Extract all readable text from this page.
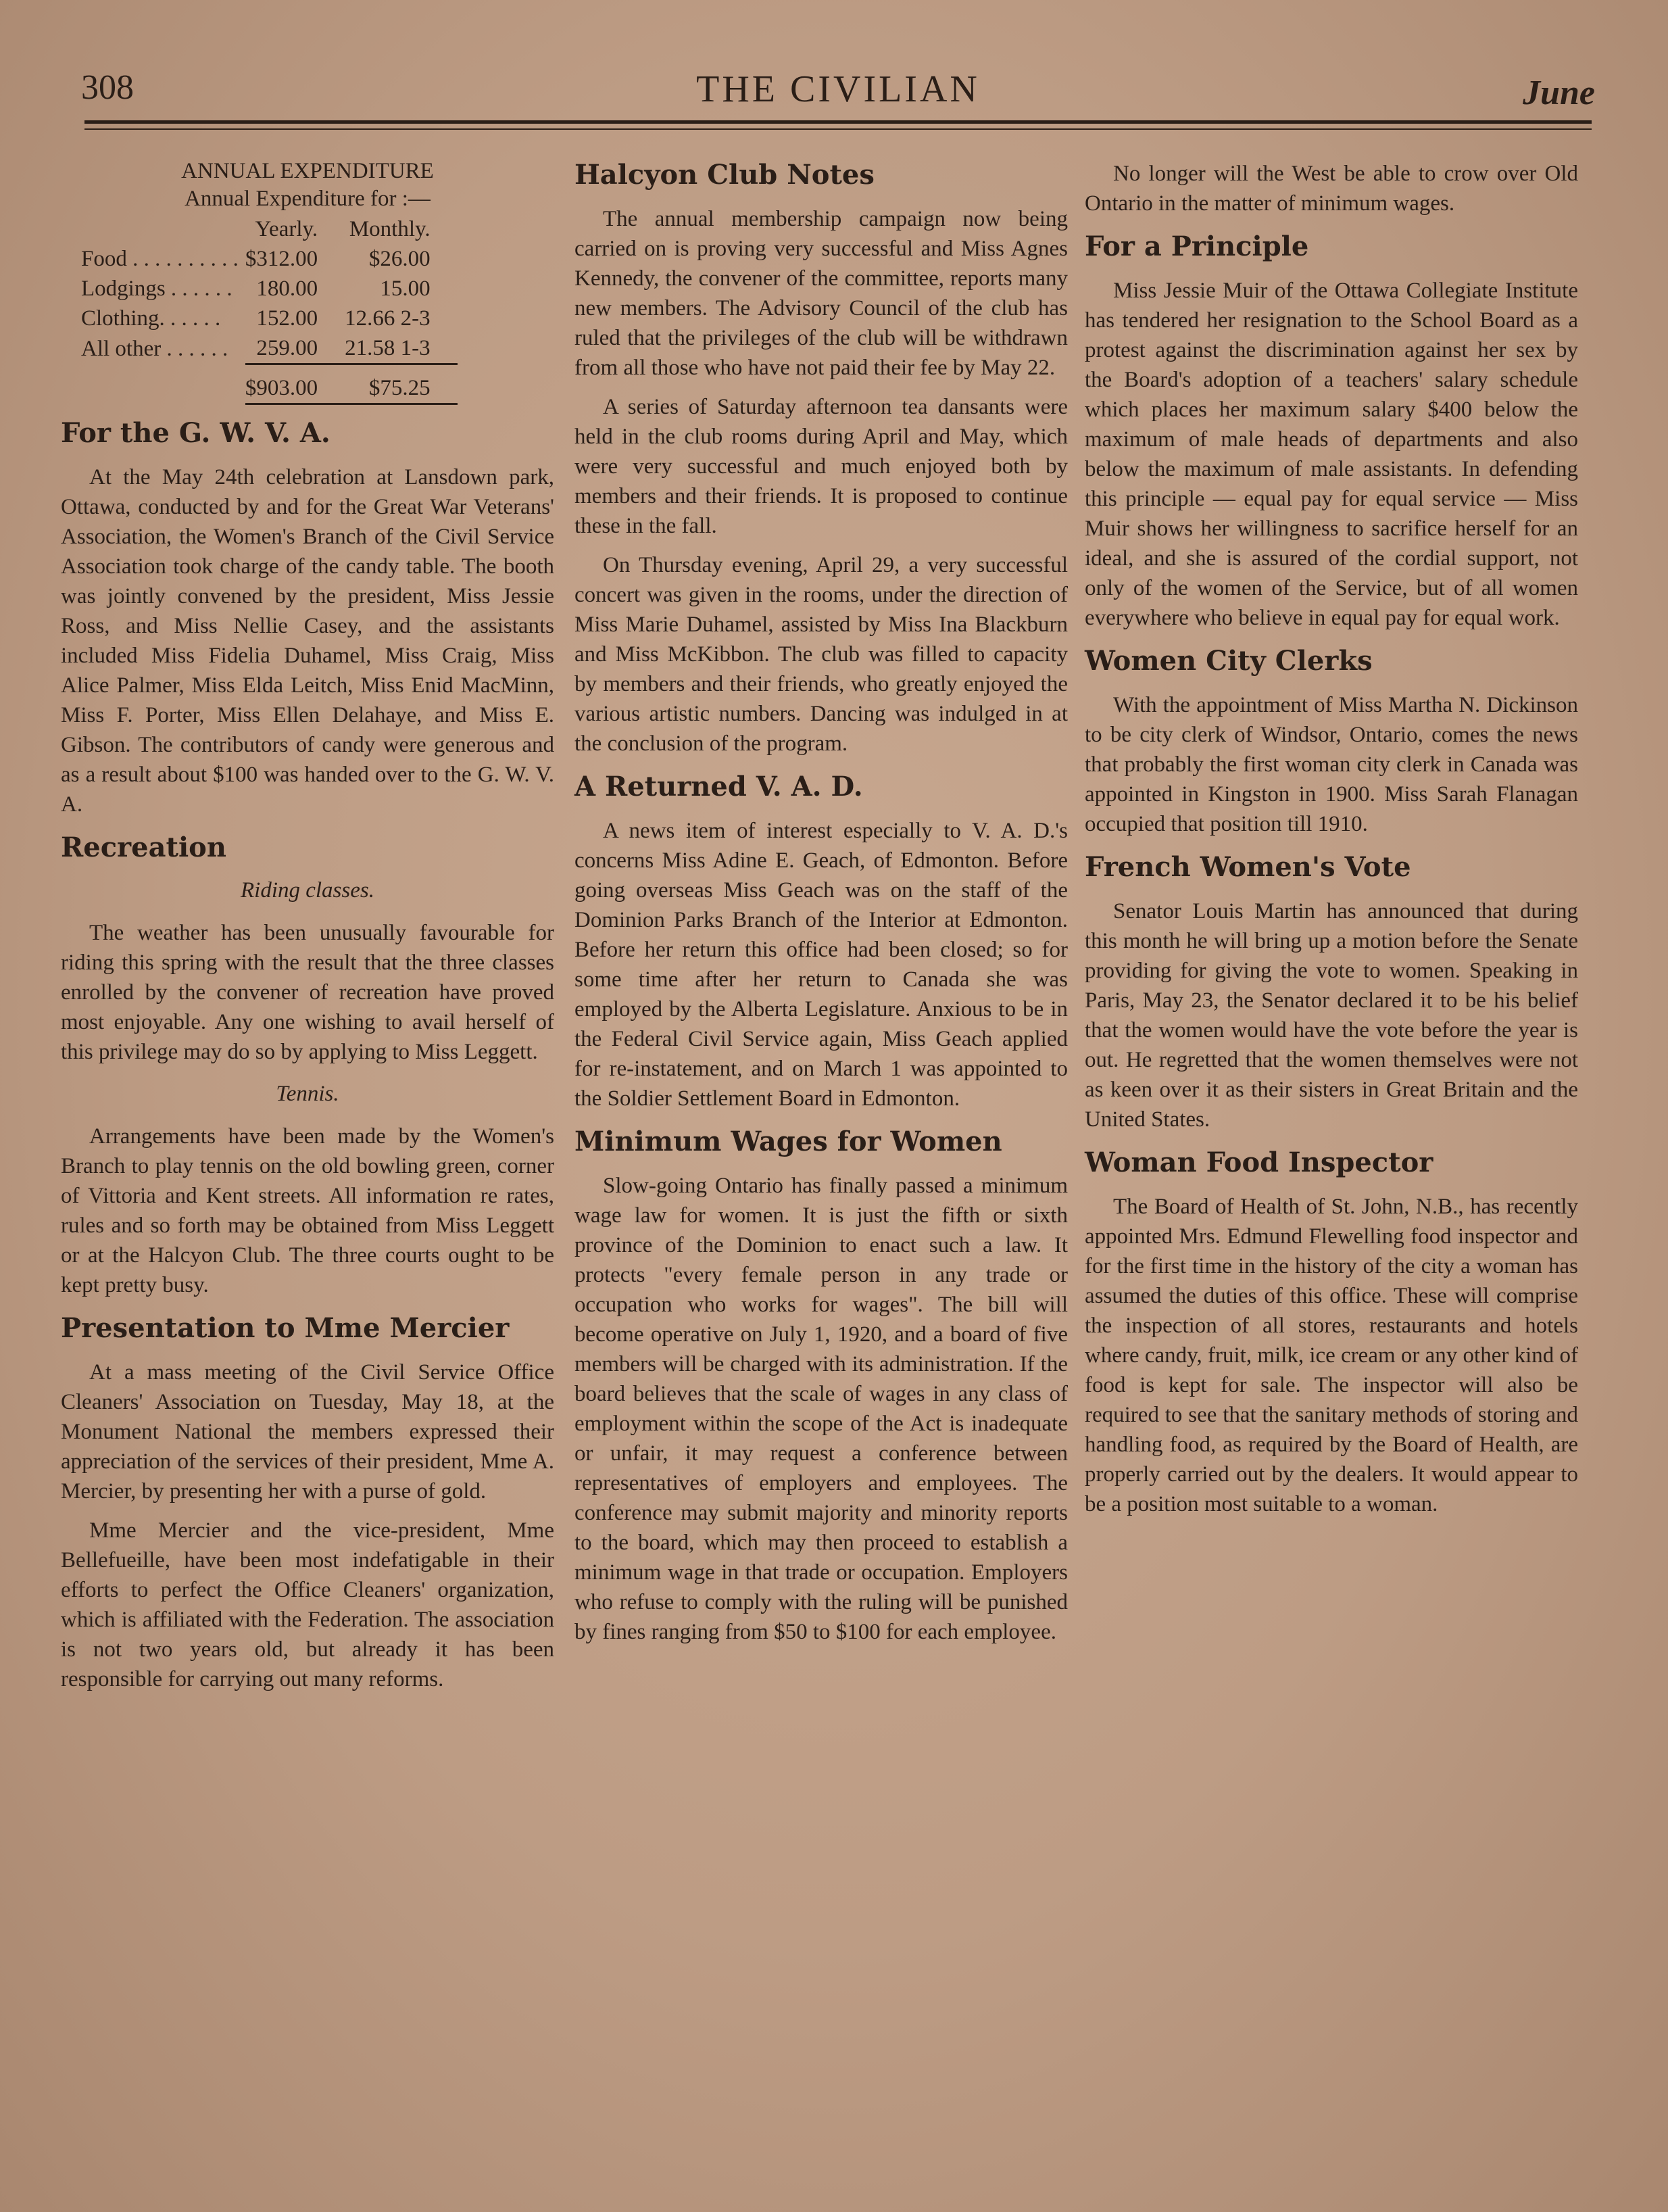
308	THE CIVILIAN	June
ANNUAL EXPENDITURE
Annual Expenditure for :—
	Yearly.	Monthly.
Food . . . . . . . . . .	$312.00	$26.00
Lodgings . . . . . .	180.00	15.00
Clothing. . . . . .	152.00	12.66 2-3
All other . . . . . .	259.00	21.58 1-3
	$903.00	$75.25
For the G. W. V. A.

At the May 24th celebration at Lansdown park, Ottawa, conducted by and for the Great War Veterans' Association, the Women's Branch of the Civil Service Association took charge of the candy table. The booth was jointly convened by the president, Miss Jessie Ross, and Miss Nellie Casey, and the assistants included Miss Fidelia Duhamel, Miss Craig, Miss Alice Palmer, Miss Elda Leitch, Miss Enid MacMinn, Miss F. Porter, Miss Ellen Delahaye, and Miss E. Gibson. The contributors of candy were generous and as a result about $100 was handed over to the G. W. V. A.

Recreation
Riding classes.

The weather has been unusually favourable for riding this spring with the result that the three classes enrolled by the convener of recreation have proved most enjoyable. Any one wishing to avail herself of this privilege may do so by applying to Miss Leggett.

Tennis.

Arrangements have been made by the Women's Branch to play tennis on the old bowling green, corner of Vittoria and Kent streets. All information re rates, rules and so forth may be obtained from Miss Leggett or at the Halcyon Club. The three courts ought to be kept pretty busy.

Presentation to Mme Mercier

At a mass meeting of the Civil Service Office Cleaners' Association on Tuesday, May 18, at the Monument National the members expressed their appreciation of the services of their president, Mme A. Mercier, by presenting her with a purse of gold.

Mme Mercier and the vice-president, Mme Bellefueille, have been most indefatigable in their efforts to perfect the Office Cleaners' organization, which is affiliated with the Federation. The association is not two years old, but already it has been responsible for carrying out many reforms.

Halcyon Club Notes

The annual membership campaign now being carried on is proving very successful and Miss Agnes Kennedy, the convener of the committee, reports many new members. The Advisory Council of the club has ruled that the privileges of the club will be withdrawn from all those who have not paid their fee by May 22.

A series of Saturday afternoon tea dansants were held in the club rooms during April and May, which were very successful and much enjoyed both by members and their friends. It is proposed to continue these in the fall.

On Thursday evening, April 29, a very successful concert was given in the rooms, under the direction of Miss Marie Duhamel, assisted by Miss Ina Blackburn and Miss McKibbon. The club was filled to capacity by members and their friends, who greatly enjoyed the various artistic numbers. Dancing was indulged in at the conclusion of the program.

A Returned V. A. D.

A news item of interest especially to V. A. D.'s concerns Miss Adine E. Geach, of Edmonton. Before going overseas Miss Geach was on the staff of the Dominion Parks Branch of the Interior at Edmonton. Before her return this office had been closed; so for some time after her return to Canada she was employed by the Alberta Legislature. Anxious to be in the Federal Civil Service again, Miss Geach applied for re-instatement, and on March 1 was appointed to the Soldier Settlement Board in Edmonton.

Minimum Wages for Women

Slow-going Ontario has finally passed a minimum wage law for women. It is just the fifth or sixth province of the Dominion to enact such a law. It protects "every female person in any trade or occupation who works for wages". The bill will become operative on July 1, 1920, and a board of five members will be charged with its administration. If the board believes that the scale of wages in any class of employment within the scope of the Act is inadequate or unfair, it may request a conference between representatives of employers and employees. The conference may submit majority and minority reports to the board, which may then proceed to establish a minimum wage in that trade or occupation. Employers who refuse to comply with the ruling will be punished by fines ranging from $50 to $100 for each employee.

No longer will the West be able to crow over Old Ontario in the matter of minimum wages.

For a Principle

Miss Jessie Muir of the Ottawa Collegiate Institute has tendered her resignation to the School Board as a protest against the discrimination against her sex by the Board's adoption of a teachers' salary schedule which places her maximum salary $400 below the maximum of male heads of departments and also below the maximum of male assistants. In defending this principle — equal pay for equal service — Miss Muir shows her willingness to sacrifice herself for an ideal, and she is assured of the cordial support, not only of the women of the Service, but of all women everywhere who believe in equal pay for equal work.

Women City Clerks

With the appointment of Miss Martha N. Dickinson to be city clerk of Windsor, Ontario, comes the news that probably the first woman city clerk in Canada was appointed in Kingston in 1900. Miss Sarah Flanagan occupied that position till 1910.

French Women's Vote

Senator Louis Martin has announced that during this month he will bring up a motion before the Senate providing for giving the vote to women. Speaking in Paris, May 23, the Senator declared it to be his belief that the women would have the vote before the year is out. He regretted that the women themselves were not as keen over it as their sisters in Great Britain and the United States.

Woman Food Inspector

The Board of Health of St. John, N.B., has recently appointed Mrs. Edmund Flewelling food inspector and for the first time in the history of the city a woman has assumed the duties of this office. These will comprise the inspection of all stores, restaurants and hotels where candy, fruit, milk, ice cream or any other kind of food is kept for sale. The inspector will also be required to see that the sanitary methods of storing and handling food, as required by the Board of Health, are properly carried out by the dealers. It would appear to be a position most suitable to a woman.
